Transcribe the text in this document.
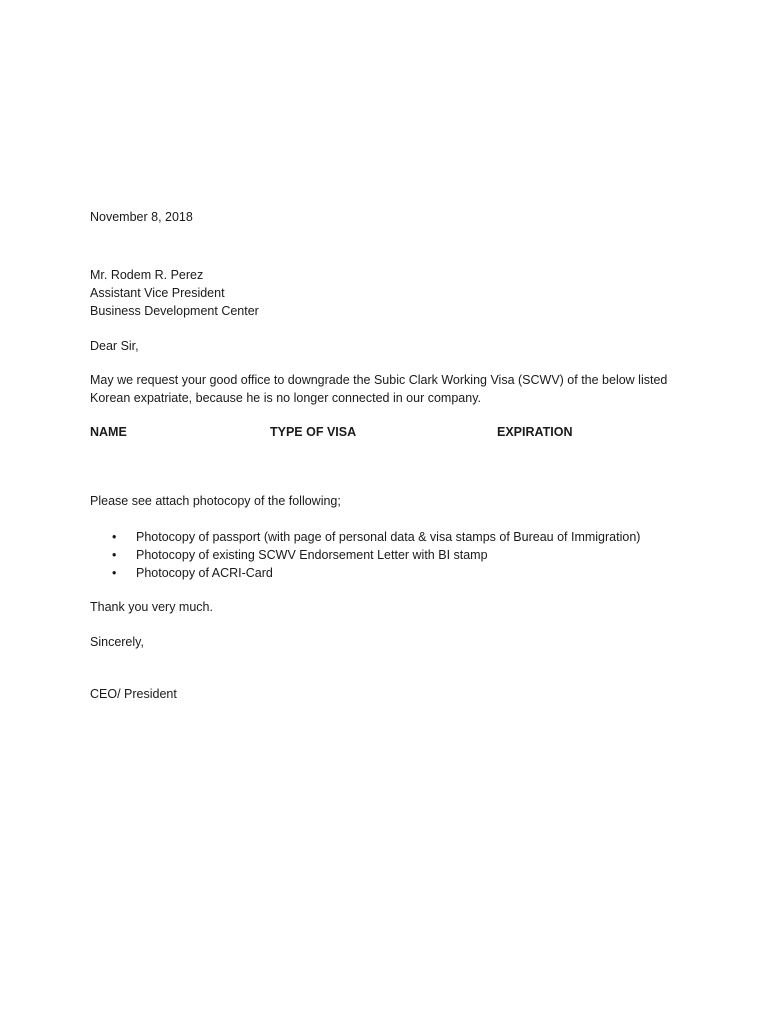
November 8, 2018
Mr. Rodem R. Perez
Assistant Vice President
Business Development Center
Dear Sir,
May we request your good office to downgrade the Subic Clark Working Visa (SCWV) of the below listed
Korean expatriate, because he is no longer connected in our company.
NAME	TYPE OF VISA	EXPIRATION
Please see attach photocopy of the following;
• Photocopy of passport (with page of personal data & visa stamps of Bureau of Immigration)
• Photocopy of existing SCWV Endorsement Letter with BI stamp
• Photocopy of ACRI-Card
Thank you very much.
Sincerely,
CEO/ President
